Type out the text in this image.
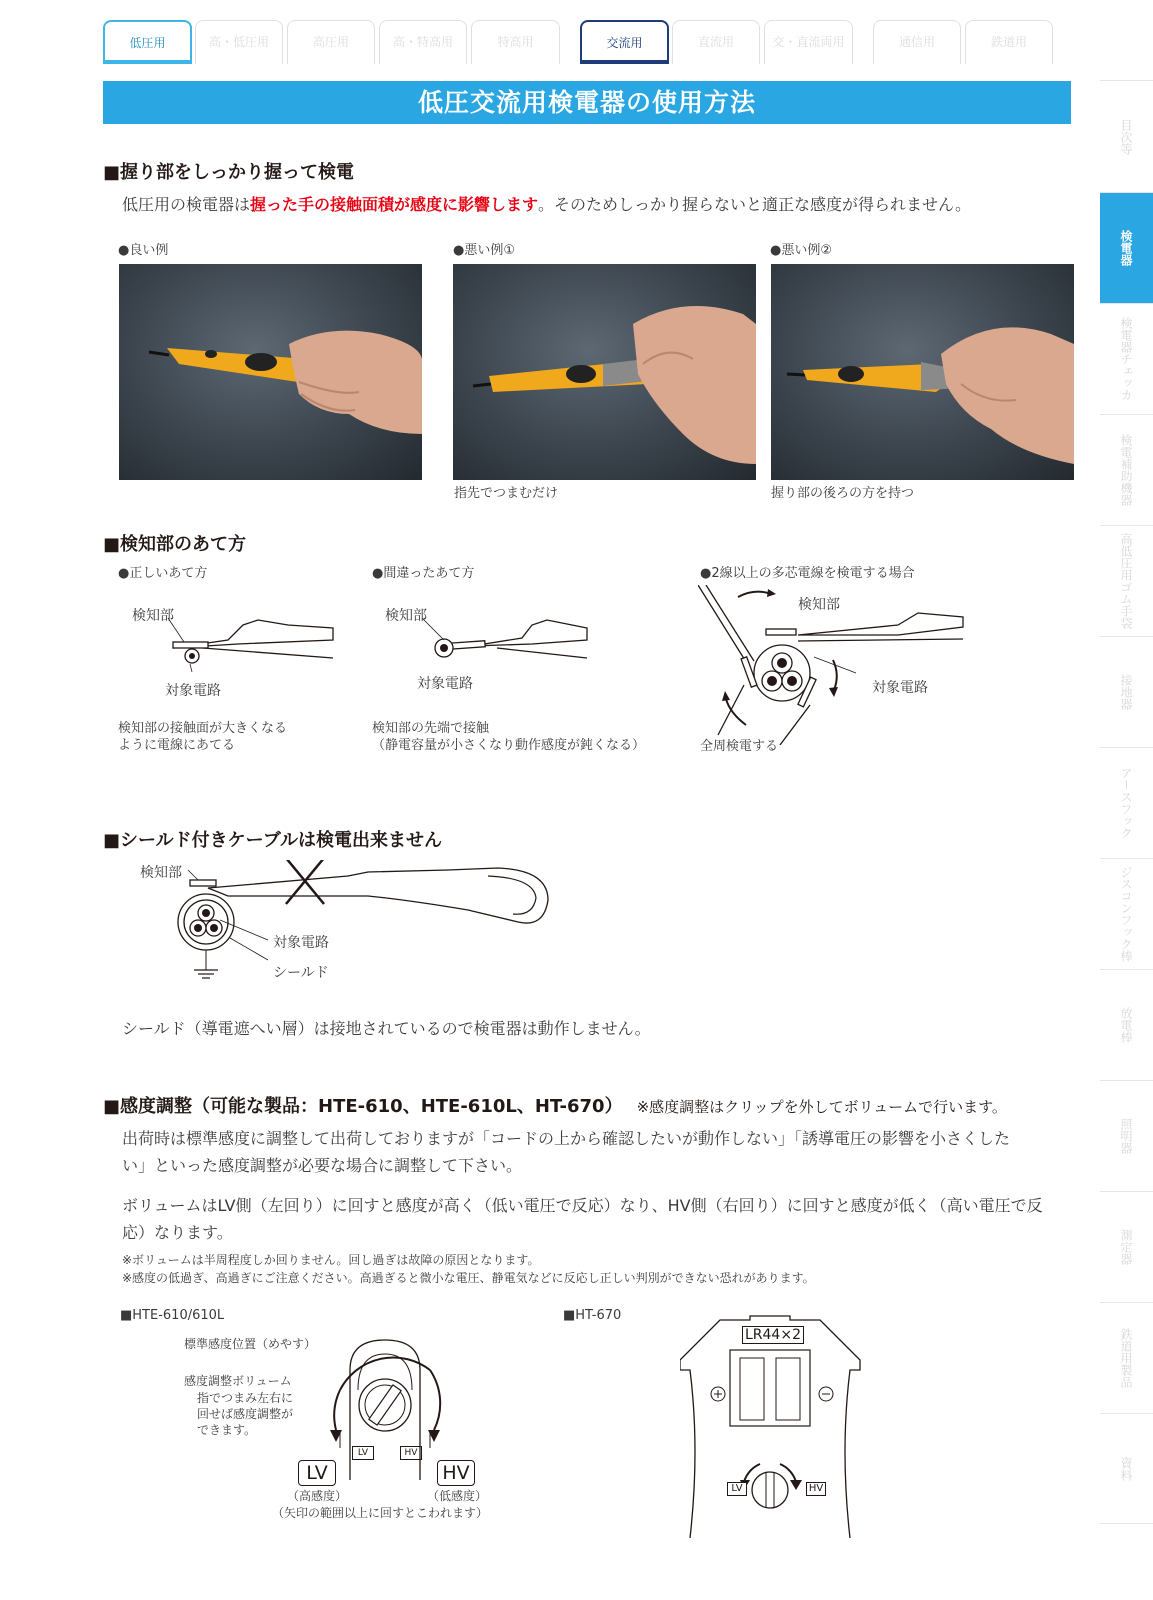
低圧用	高・低圧用	高圧用	高・特高用	特高用	交流用	直流用	交・直流両用	通信用	鉄道用
低圧交流用検電器の使用方法
目次等
検電器
検電器チェッカ
検電補助機器
高低圧用ゴム手袋
接地器
アースフック
ジスコンフック棒
放電棒
照明器
測定器
鉄道用製品
資料
■握り部をしっかり握って検電
低圧用の検電器は握った手の接触面積が感度に影響します。そのためしっかり握らないと適正な感度が得られません。
●良い例	●悪い例①	●悪い例②
指先でつまむだけ	握り部の後ろの方を持つ
■検知部のあて方
●正しいあて方	●間違ったあて方	●2線以上の多芯電線を検電する場合
検知部
対象電路
検知部の接触面が大きくなる
ように電線にあてる
検知部
対象電路
検知部の先端で接触
（静電容量が小さくなり動作感度が鈍くなる）
検知部
対象電路
全周検電する
■シールド付きケーブルは検電出来ません
検知部
対象電路
シールド
シールド（導電遮へい層）は接地されているので検電器は動作しません。
■感度調整（可能な製品：HTE-610、HTE-610L、HT-670） ※感度調整はクリップを外してボリュームで行います。
出荷時は標準感度に調整して出荷しておりますが「コードの上から確認したいが動作しない」「誘導電圧の影響を小さくした
い」といった感度調整が必要な場合に調整して下さい。
ボリュームはLV側（左回り）に回すと感度が高く（低い電圧で反応）なり、HV側（右回り）に回すと感度が低く（高い電圧で反
応）なります。
※ボリュームは半周程度しか回りません。回し過ぎは故障の原因となります。
※感度の低過ぎ、高過ぎにご注意ください。高過ぎると微小な電圧、静電気などに反応し正しい判別ができない恐れがあります。
■HTE-610/610L	■HT-670
標準感度位置（めやす）
感度調整ボリューム
指でつまみ左右に
回せば感度調整が
できます。
LV	HV
LV	HV
（高感度）	（低感度）
（矢印の範囲以上に回すとこわれます）
LR44×2
LV	HV
